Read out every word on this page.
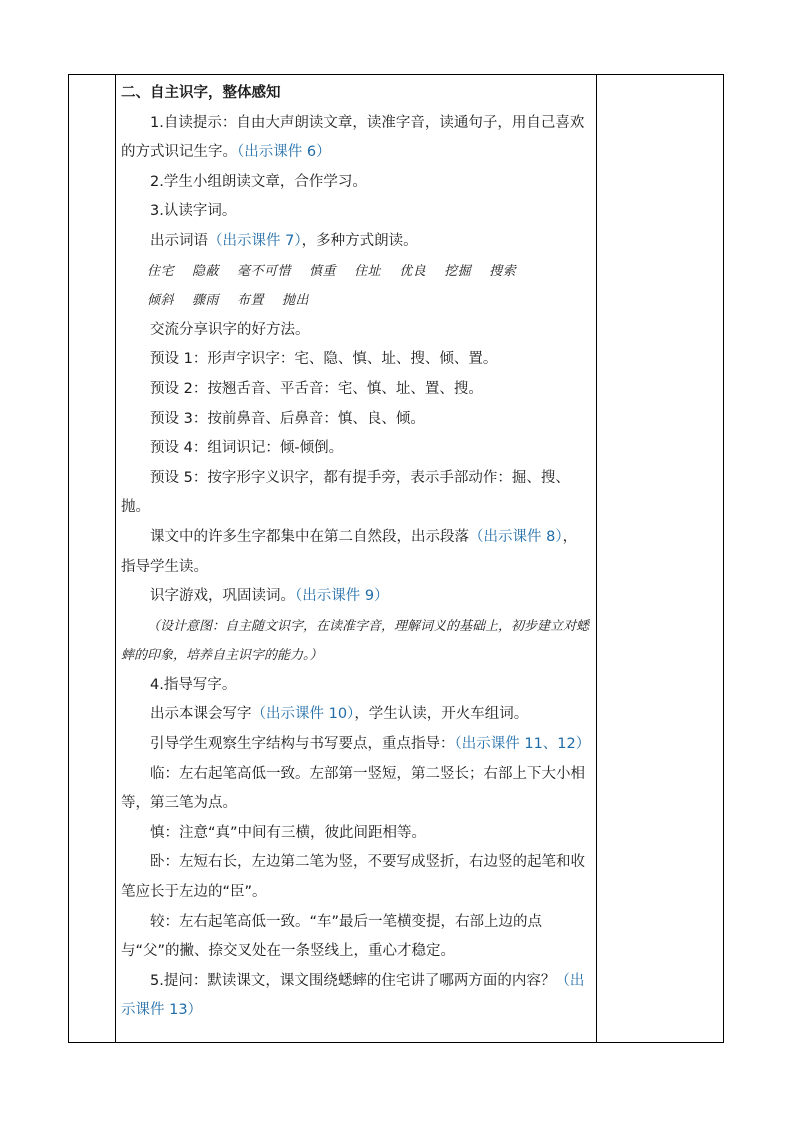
二、自主识字，整体感知

1.自读提示：自由大声朗读文章，读准字音，读通句子，用自己喜欢的方式识记生字。（出示课件 6）

2.学生小组朗读文章，合作学习。

3.认读字词。

出示词语（出示课件 7），多种方式朗读。

住宅 隐蔽 毫不可惜 慎重 住址 优良 挖掘 搜索

倾斜 骤雨 布置 抛出

交流分享识字的好方法。

预设 1：形声字识字：宅、隐、慎、址、搜、倾、置。

预设 2：按翘舌音、平舌音：宅、慎、址、置、搜。

预设 3：按前鼻音、后鼻音：慎、良、倾。

预设 4：组词识记：倾-倾倒。

预设 5：按字形字义识字，都有提手旁，表示手部动作：掘、搜、抛。

课文中的许多生字都集中在第二自然段，出示段落（出示课件 8），指导学生读。

识字游戏，巩固读词。（出示课件 9）

（设计意图：自主随文识字，在读准字音，理解词义的基础上，初步建立对蟋蟀的印象，培养自主识字的能力。）

4.指导写字。

出示本课会写字（出示课件 10），学生认读，开火车组词。

引导学生观察生字结构与书写要点，重点指导：（出示课件 11、12）

临：左右起笔高低一致。左部第一竖短，第二竖长；右部上下大小相等，第三笔为点。

慎：注意“真”中间有三横，彼此间距相等。

卧：左短右长，左边第二笔为竖，不要写成竖折，右边竖的起笔和收笔应长于左边的“臣”。

较：左右起笔高低一致。“车”最后一笔横变提，右部上边的点与“父”的撇、捺交叉处在一条竖线上，重心才稳定。

5.提问：默读课文，课文围绕蟋蟀的住宅讲了哪两方面的内容？（出示课件 13）
